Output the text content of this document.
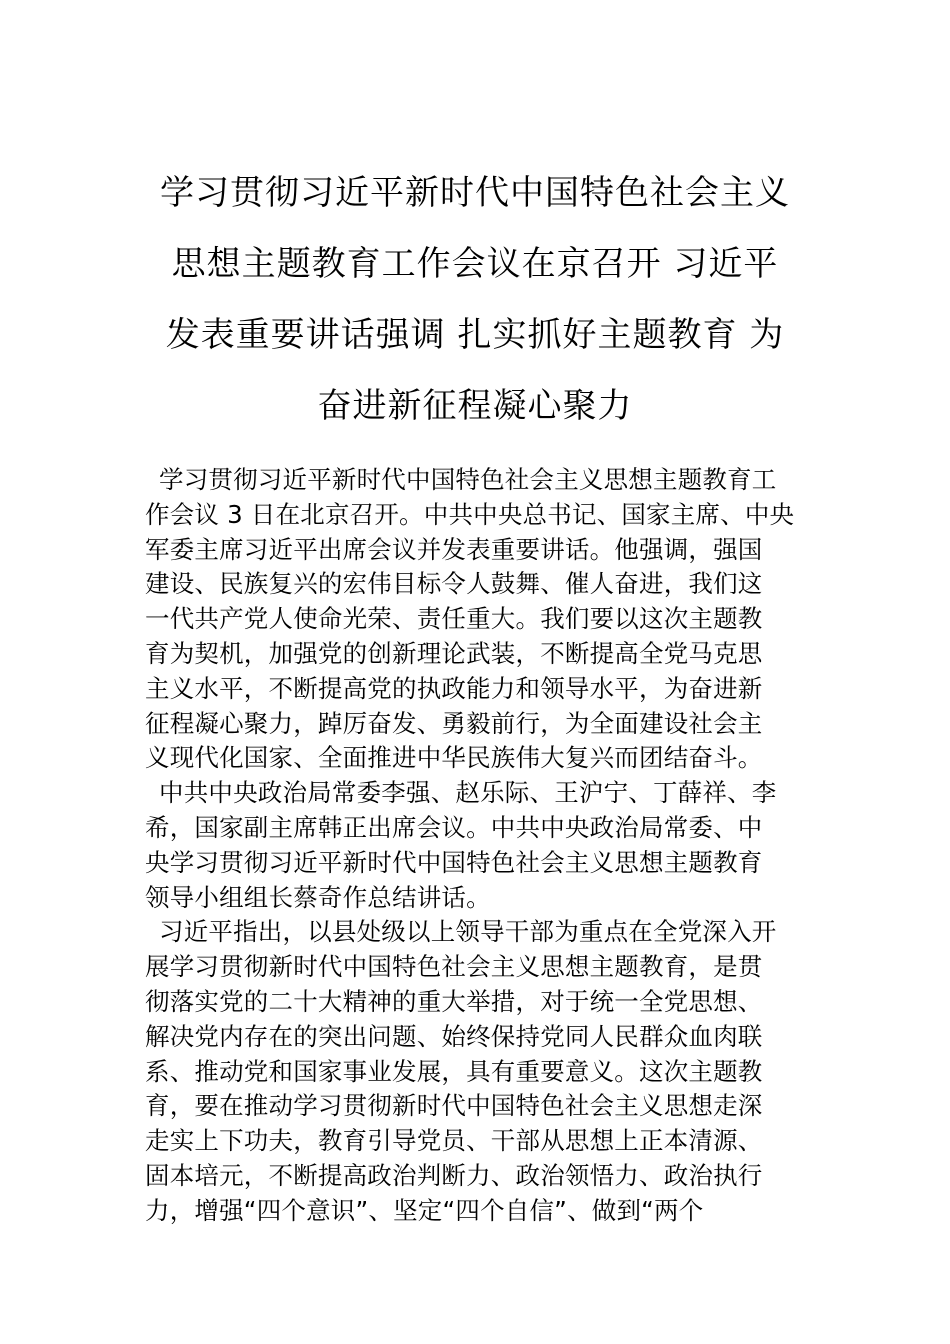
学习贯彻习近平新时代中国特色社会主义
思想主题教育工作会议在京召开 习近平
发表重要讲话强调 扎实抓好主题教育 为
奋进新征程凝心聚力

学习贯彻习近平新时代中国特色社会主义思想主题教育工
作会议 3 日在北京召开。中共中央总书记、国家主席、中央
军委主席习近平出席会议并发表重要讲话。他强调，强国
建设、民族复兴的宏伟目标令人鼓舞、催人奋进，我们这
一代共产党人使命光荣、责任重大。我们要以这次主题教
育为契机，加强党的创新理论武装，不断提高全党马克思
主义水平，不断提高党的执政能力和领导水平，为奋进新
征程凝心聚力，踔厉奋发、勇毅前行，为全面建设社会主
义现代化国家、全面推进中华民族伟大复兴而团结奋斗。

中共中央政治局常委李强、赵乐际、王沪宁、丁薛祥、李
希，国家副主席韩正出席会议。中共中央政治局常委、中
央学习贯彻习近平新时代中国特色社会主义思想主题教育
领导小组组长蔡奇作总结讲话。

习近平指出，以县处级以上领导干部为重点在全党深入开
展学习贯彻新时代中国特色社会主义思想主题教育，是贯
彻落实党的二十大精神的重大举措，对于统一全党思想、
解决党内存在的突出问题、始终保持党同人民群众血肉联
系、推动党和国家事业发展，具有重要意义。这次主题教
育，要在推动学习贯彻新时代中国特色社会主义思想走深
走实上下功夫，教育引导党员、干部从思想上正本清源、
固本培元，不断提高政治判断力、政治领悟力、政治执行
力，增强“四个意识”、坚定“四个自信”、做到“两个
